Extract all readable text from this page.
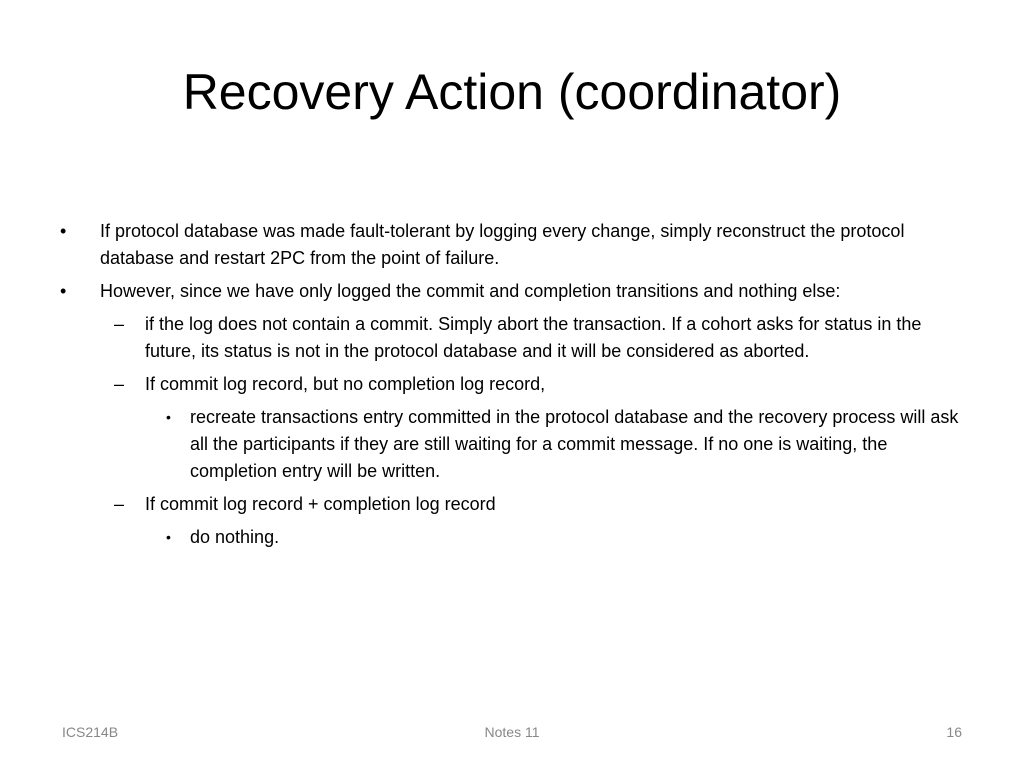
Recovery Action (coordinator)
• If protocol database was made fault-tolerant by logging every change, simply reconstruct the protocol database and restart 2PC from the point of failure.
• However, since we have only logged the commit and completion transitions and nothing else:
– if the log does not contain a commit. Simply abort the transaction. If a cohort asks for status in the future, its status is not in the protocol database and it will be considered as aborted.
– If commit log record, but no completion log record,
• recreate transactions entry committed in the protocol database and the recovery process will ask all the participants if they are still waiting for a commit message. If no one is waiting, the completion entry will be written.
– If commit log record + completion log record
• do nothing.
ICS214B	Notes 11	16
